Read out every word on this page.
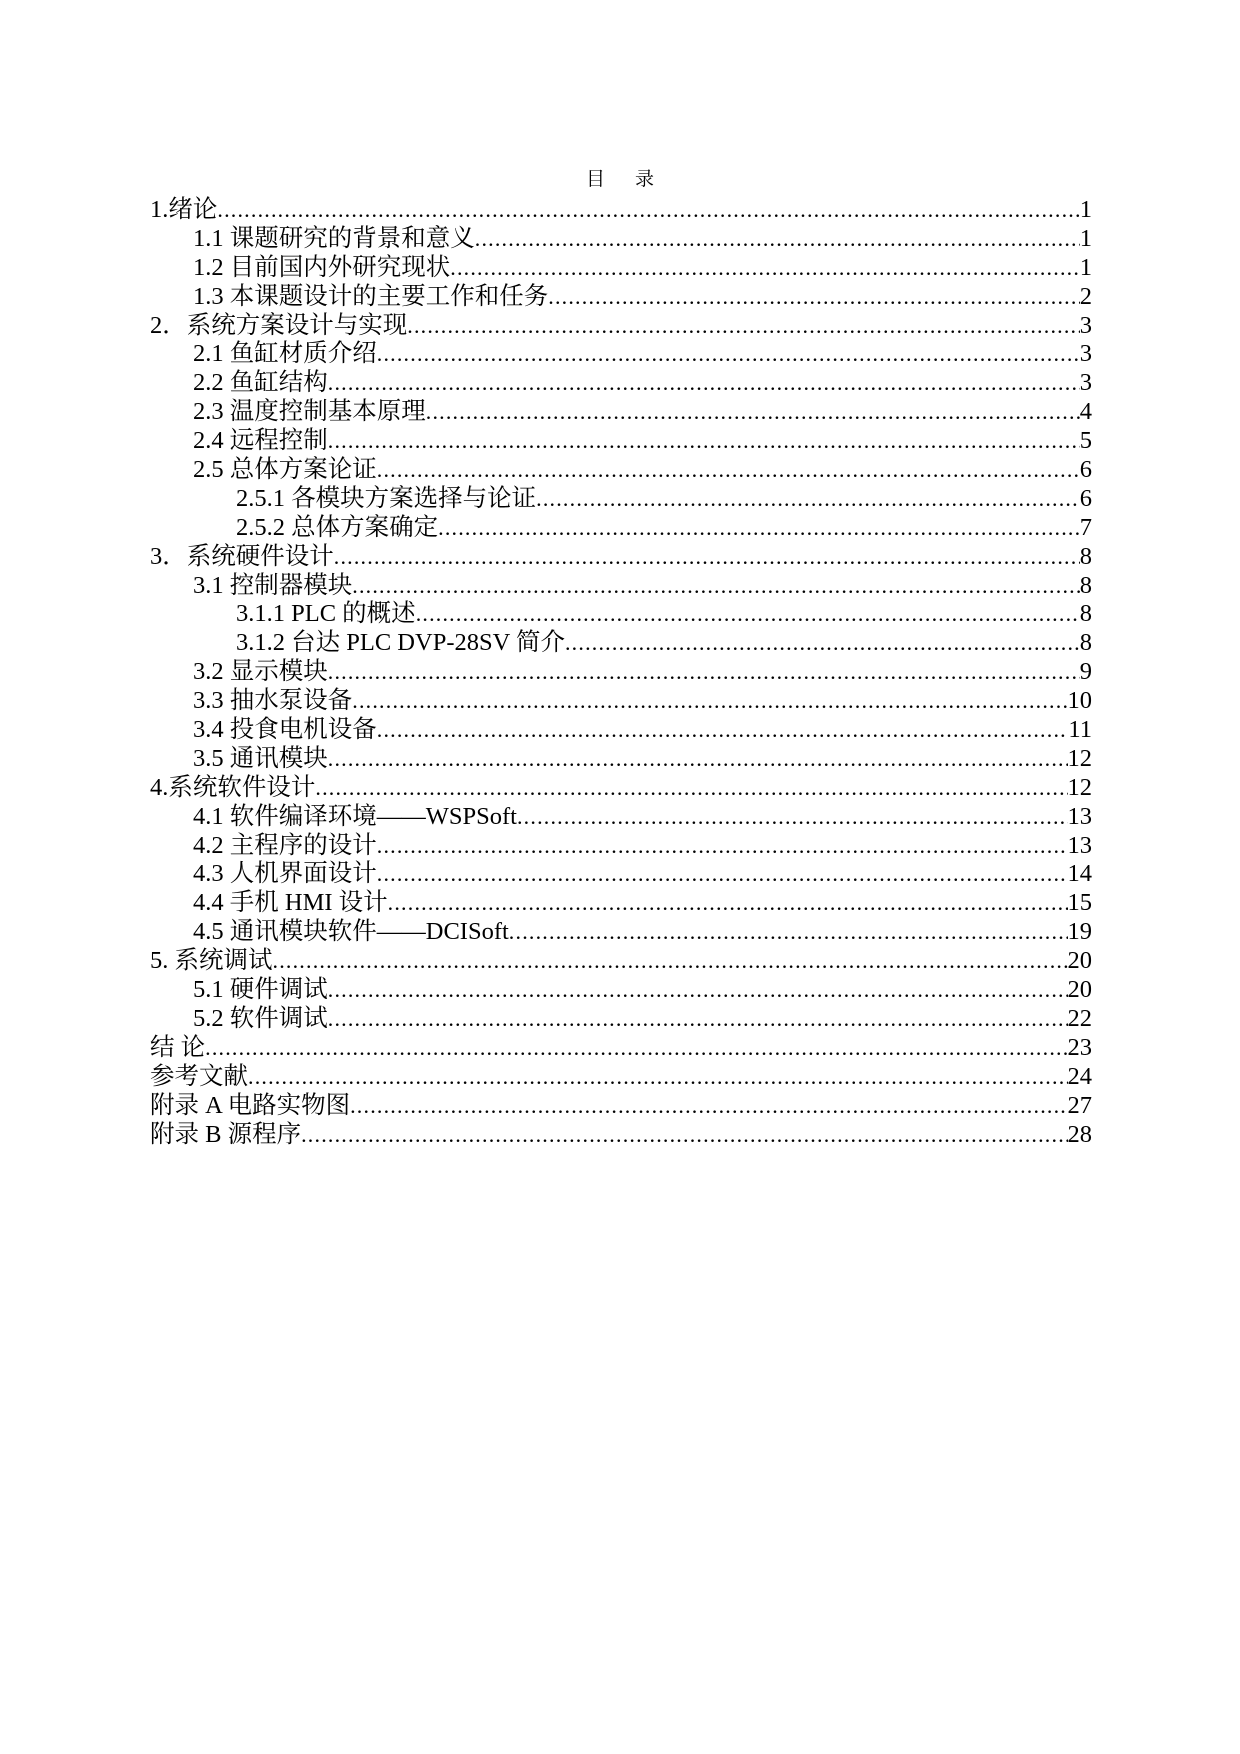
目 录
1.绪论 .....	1
1.1 课题研究的背景和意义 .....	1
1.2 目前国内外研究现状 .....	1
1.3 本课题设计的主要工作和任务 .....	2
2．系统方案设计与实现 .....	3
2.1 鱼缸材质介绍 .....	3
2.2 鱼缸结构 .....	3
2.3 温度控制基本原理 .....	4
2.4 远程控制 .....	5
2.5 总体方案论证 .....	6
2.5.1 各模块方案选择与论证 .....	6
2.5.2 总体方案确定 .....	7
3．系统硬件设计 .....	8
3.1 控制器模块 .....	8
3.1.1 PLC 的概述 .....	8
3.1.2 台达 PLC DVP-28SV 简介 .....	8
3.2 显示模块 .....	9
3.3 抽水泵设备 .....	10
3.4 投食电机设备 .....	11
3.5 通讯模块 .....	12
4.系统软件设计 .....	12
4.1 软件编译环境——WSPSoft .....	13
4.2 主程序的设计 .....	13
4.3 人机界面设计 .....	14
4.4 手机 HMI 设计 .....	15
4.5 通讯模块软件——DCISoft .....	19
5. 系统调试 .....	20
5.1 硬件调试 .....	20
5.2 软件调试 .....	22
结 论 .....	23
参考文献 .....	24
附录 A 电路实物图 .....	27
附录 B 源程序 .....	28
